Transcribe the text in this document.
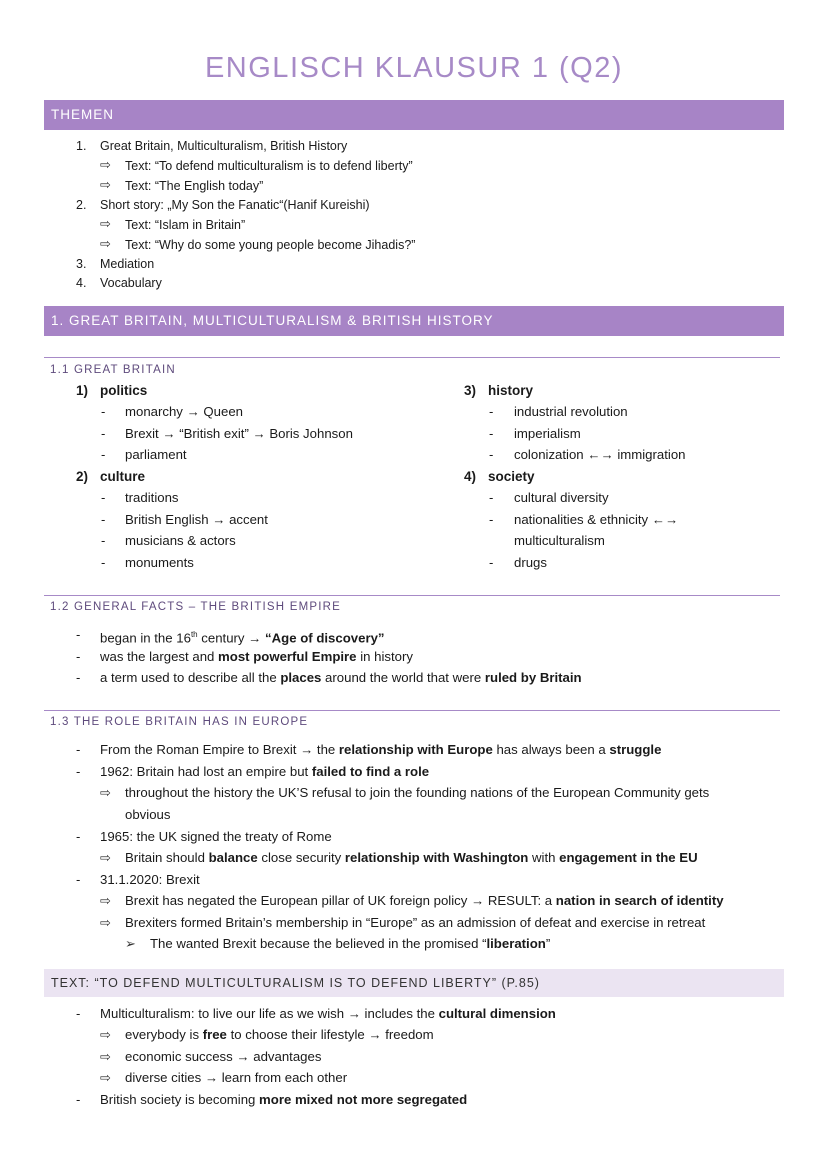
ENGLISCH KLAUSUR 1 (Q2)
THEMEN
1. Great Britain, Multiculturalism, British History
⇨ Text: “To defend multiculturalism is to defend liberty”
⇨ Text: “The English today”
2. Short story: „My Son the Fanatic“(Hanif Kureishi)
⇨ Text: “Islam in Britain”
⇨ Text: “Why do some young people become Jihadis?”
3. Mediation
4. Vocabulary
1. GREAT BRITAIN, MULTICULTURALISM & BRITISH HISTORY
1.1 GREAT BRITAIN
1) politics
- monarchy → Queen
- Brexit → “British exit” → Boris Johnson
- parliament
2) culture
- traditions
- British English → accent
- musicians & actors
- monuments
3) history
- industrial revolution
- imperialism
- colonization ←→ immigration
4) society
- cultural diversity
- nationalities & ethnicity ←→
multiculturalism
- drugs
1.2 GENERAL FACTS – THE BRITISH EMPIRE
- began in the 16th century → “Age of discovery”
- was the largest and most powerful Empire in history
- a term used to describe all the places around the world that were ruled by Britain
1.3 THE ROLE BRITAIN HAS IN EUROPE
- From the Roman Empire to Brexit → the relationship with Europe has always been a struggle
- 1962: Britain had lost an empire but failed to find a role
⇨ throughout the history the UK’S refusal to join the founding nations of the European Community gets
obvious
- 1965: the UK signed the treaty of Rome
⇨ Britain should balance close security relationship with Washington with engagement in the EU
- 31.1.2020: Brexit
⇨ Brexit has negated the European pillar of UK foreign policy → RESULT: a nation in search of identity
⇨ Brexiters formed Britain’s membership in “Europe” as an admission of defeat and exercise in retreat
➢ The wanted Brexit because the believed in the promised “liberation”
TEXT: “TO DEFEND MULTICULTURALISM IS TO DEFEND LIBERTY” (P.85)
- Multiculturalism: to live our life as we wish → includes the cultural dimension
⇨ everybody is free to choose their lifestyle → freedom
⇨ economic success → advantages
⇨ diverse cities → learn from each other
- British society is becoming more mixed not more segregated
